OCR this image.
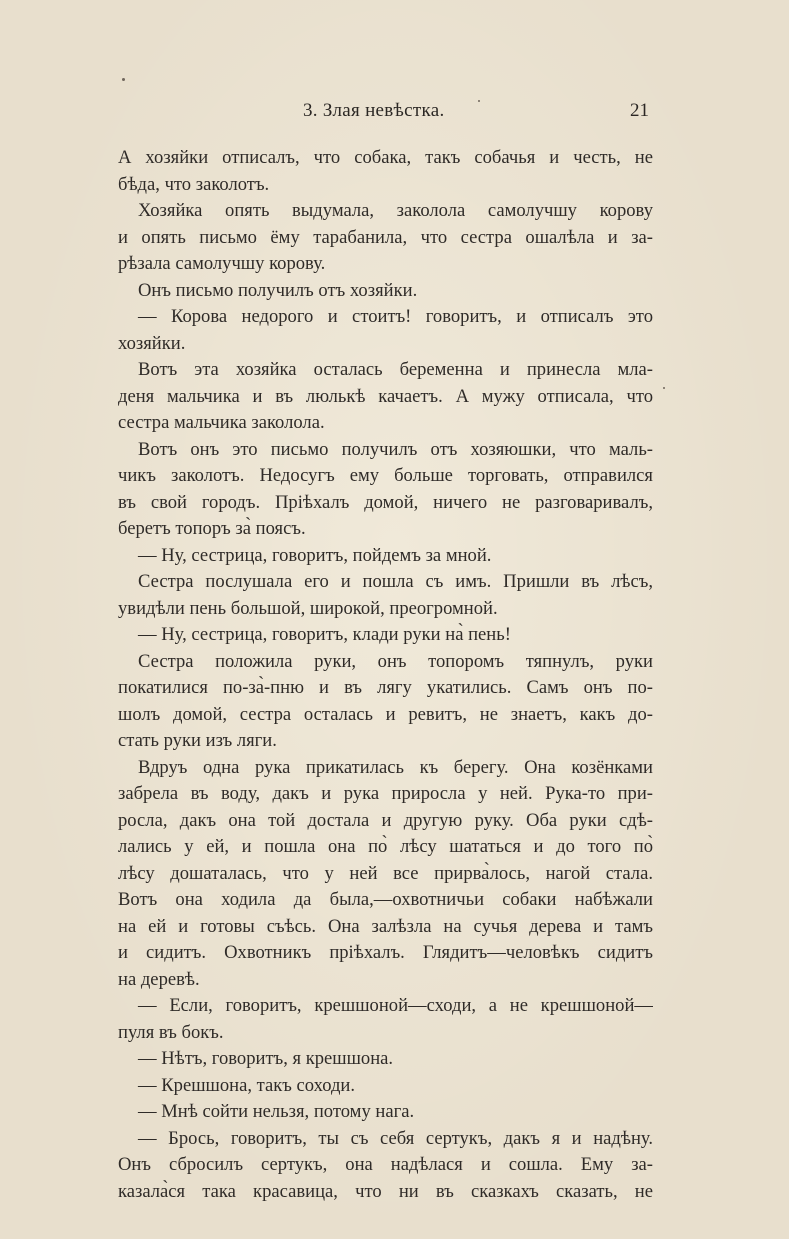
3. Злая невѣстка.	21
А хозяйки отписалъ, что собака, такъ собачья и честь, не
бѣда, что заколотъ.
Хозяйка опять выдумала, заколола самолучшу корову
и опять письмо ёму тарабанила, что сестра ошалѣла и за-
рѣзала самолучшу корову.
Онъ письмо получилъ отъ хозяйки.
— Корова недорого и стоитъ! говоритъ, и отписалъ это
хозяйки.
Вотъ эта хозяйка осталась беременна и принесла мла-
деня мальчика и въ люлькѣ качаетъ. А мужу отписала, что
сестра мальчика заколола.
Вотъ онъ это письмо получилъ отъ хозяюшки, что маль-
чикъ заколотъ. Недосугъ ему больше торговать, отправился
въ свой городъ. Пріѣхалъ домой, ничего не разговаривалъ,
беретъ топоръ за̀ поясъ.
— Ну, сестрица, говоритъ, пойдемъ за мной.
Сестра послушала его и пошла съ имъ. Пришли въ лѣсъ,
увидѣли пень большой, широкой, преогромной.
— Ну, сестрица, говоритъ, клади руки на̀ пень!
Сестра положила руки, онъ топоромъ тяпнулъ, руки
покатилися по-за̀-пню и въ лягу укатились. Самъ онъ по-
шолъ домой, сестра осталась и ревитъ, не знаетъ, какъ до-
стать руки изъ ляги.
Вдруъ одна рука прикатилась къ берегу. Она козёнками
забрела въ воду, дакъ и рука приросла у ней. Рука-то при-
росла, дакъ она той достала и другую руку. Оба руки сдѣ-
лались у ей, и пошла она по̀ лѣсу шататься и до того по̀
лѣсу дошаталась, что у ней все прирва̀лось, нагой стала.
Вотъ она ходила да была,—охвотничьи собаки набѣжали
на ей и готовы съѣсь. Она залѣзла на сучья дерева и тамъ
и сидитъ. Охвотникъ пріѣхалъ. Глядитъ—человѣкъ сидитъ
на деревѣ.
— Если, говоритъ, крешшоной—сходи, а не крешшоной—
пуля въ бокъ.
— Нѣтъ, говоритъ, я крешшона.
— Крешшона, такъ соходи.
— Мнѣ сойти нельзя, потому нага.
— Брось, говоритъ, ты съ себя сертукъ, дакъ я и надѣну.
Онъ сбросилъ сертукъ, она надѣлася и сошла. Ему за-
казала̀ся така красавица, что ни въ сказкахъ сказать, не
